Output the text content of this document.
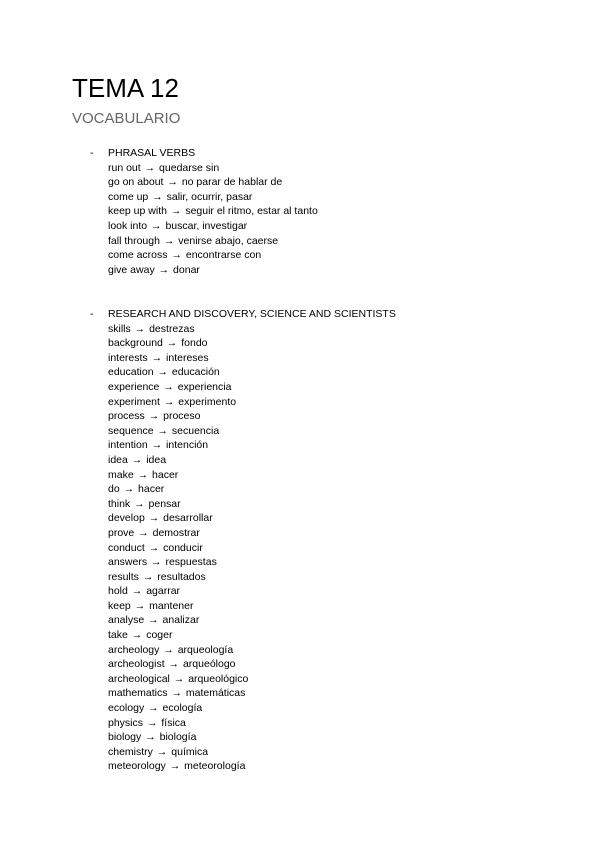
TEMA 12
VOCABULARIO
- PHRASAL VERBS
run out → quedarse sin
go on about → no parar de hablar de
come up → salir, ocurrir, pasar
keep up with → seguir el ritmo, estar al tanto
look into → buscar, investigar
fall through → venirse abajo, caerse
come across → encontrarse con
give away → donar
- RESEARCH AND DISCOVERY, SCIENCE AND SCIENTISTS
skills → destrezas
background → fondo
interests → intereses
education → educación
experience → experiencia
experiment → experimento
process → proceso
sequence → secuencia
intention → intención
idea → idea
make → hacer
do → hacer
think → pensar
develop → desarrollar
prove → demostrar
conduct → conducir
answers → respuestas
results → resultados
hold → agarrar
keep → mantener
analyse → analizar
take → coger
archeology → arqueología
archeologist → arqueólogo
archeological → arqueológico
mathematics → matemáticas
ecology → ecología
physics → física
biology → biología
chemistry → química
meteorology → meteorología
